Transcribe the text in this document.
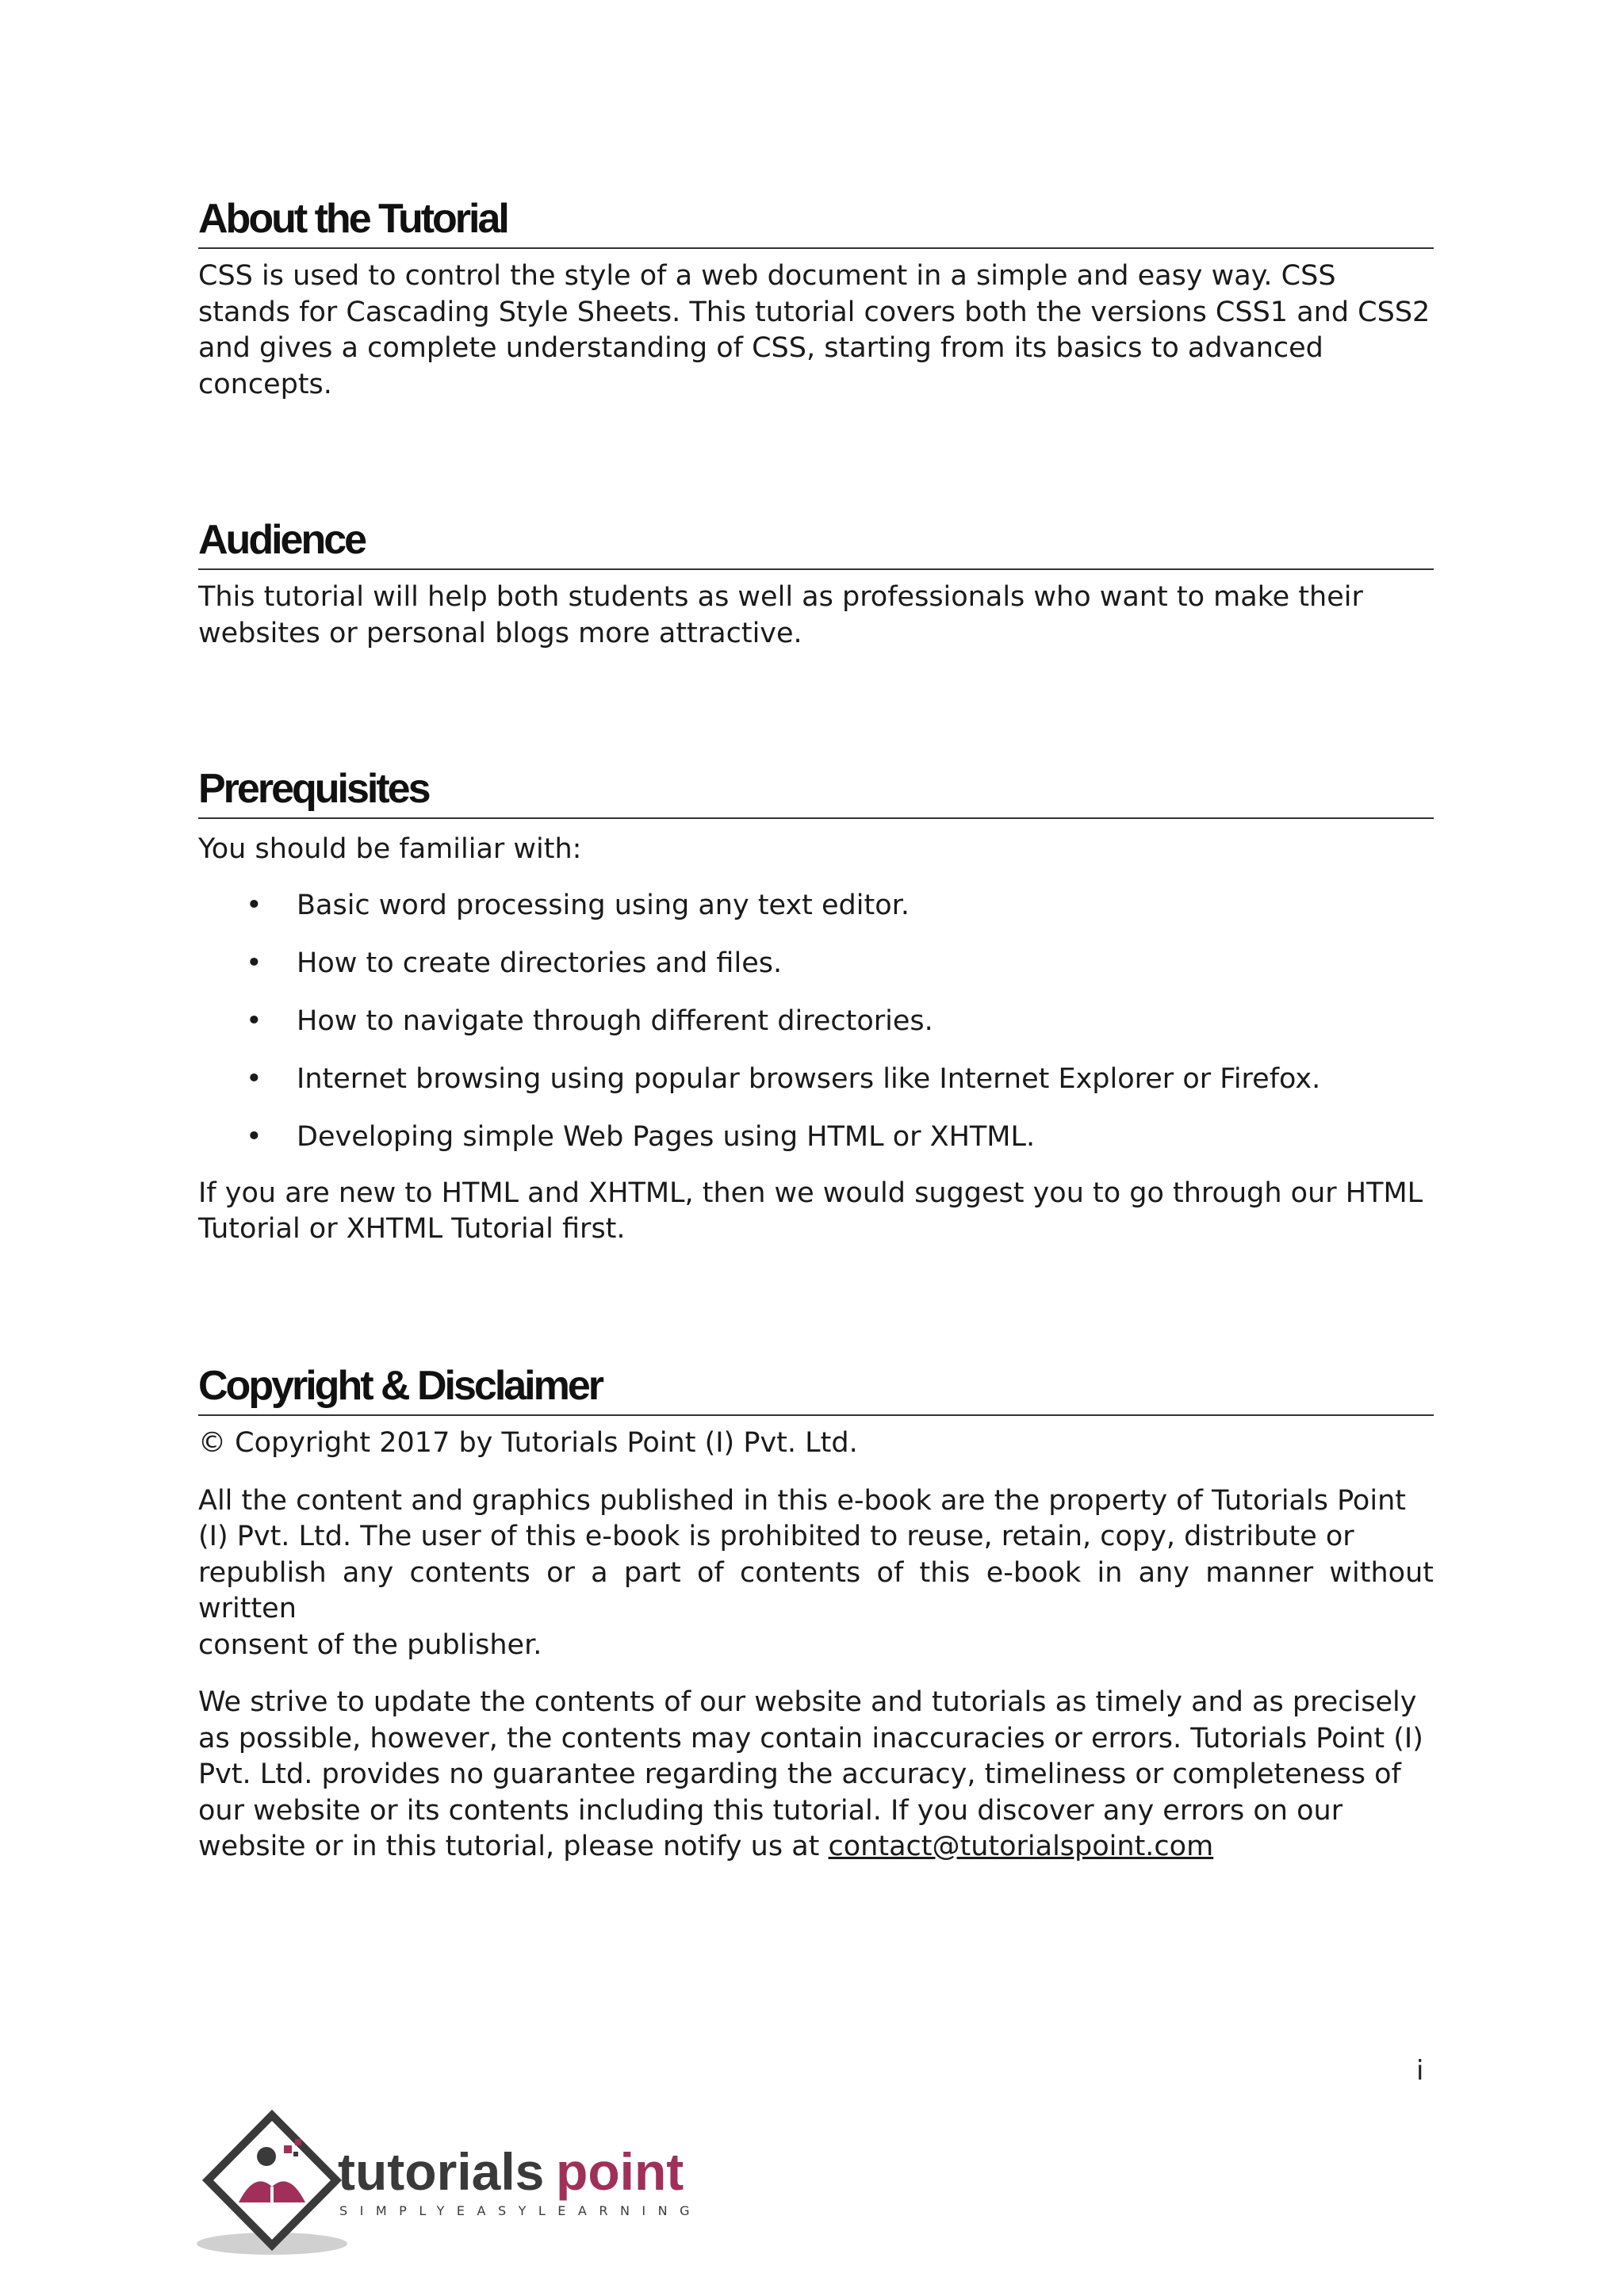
About the Tutorial
CSS is used to control the style of a web document in a simple and easy way. CSS
stands for Cascading Style Sheets. This tutorial covers both the versions CSS1 and CSS2
and gives a complete understanding of CSS, starting from its basics to advanced
concepts.
Audience
This tutorial will help both students as well as professionals who want to make their
websites or personal blogs more attractive.
Prerequisites
You should be familiar with:
• Basic word processing using any text editor.
• How to create directories and files.
• How to navigate through different directories.
• Internet browsing using popular browsers like Internet Explorer or Firefox.
• Developing simple Web Pages using HTML or XHTML.
If you are new to HTML and XHTML, then we would suggest you to go through our HTML
Tutorial or XHTML Tutorial first.
Copyright & Disclaimer
© Copyright 2017 by Tutorials Point (I) Pvt. Ltd.
All the content and graphics published in this e-book are the property of Tutorials Point
(I) Pvt. Ltd. The user of this e-book is prohibited to reuse, retain, copy, distribute or
republish any contents or a part of contents of this e-book in any manner without written
consent of the publisher.
We strive to update the contents of our website and tutorials as timely and as precisely
as possible, however, the contents may contain inaccuracies or errors. Tutorials Point (I)
Pvt. Ltd. provides no guarantee regarding the accuracy, timeliness or completeness of
our website or its contents including this tutorial. If you discover any errors on our
website or in this tutorial, please notify us at contact@tutorialspoint.com
i
tutorials point
SIMPLYEASYLEARNING
